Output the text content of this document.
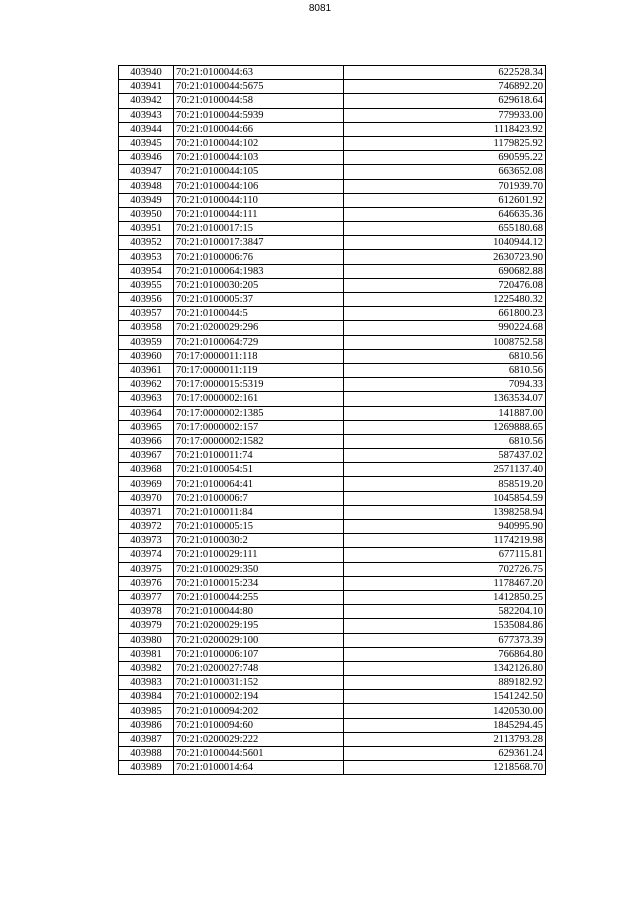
8081
403940	70:21:0100044:63	622528.34
403941	70:21:0100044:5675	746892.20
403942	70:21:0100044:58	629618.64
403943	70:21:0100044:5939	779933.00
403944	70:21:0100044:66	1118423.92
403945	70:21:0100044:102	1179825.92
403946	70:21:0100044:103	690595.22
403947	70:21:0100044:105	663652.08
403948	70:21:0100044:106	701939.70
403949	70:21:0100044:110	612601.92
403950	70:21:0100044:111	646635.36
403951	70:21:0100017:15	655180.68
403952	70:21:0100017:3847	1040944.12
403953	70:21:0100006:76	2630723.90
403954	70:21:0100064:1983	690682.88
403955	70:21:0100030:205	720476.08
403956	70:21:0100005:37	1225480.32
403957	70:21:0100044:5	661800.23
403958	70:21:0200029:296	990224.68
403959	70:21:0100064:729	1008752.58
403960	70:17:0000011:118	6810.56
403961	70:17:0000011:119	6810.56
403962	70:17:0000015:5319	7094.33
403963	70:17:0000002:161	1363534.07
403964	70:17:0000002:1385	141887.00
403965	70:17:0000002:157	1269888.65
403966	70:17:0000002:1582	6810.56
403967	70:21:0100011:74	587437.02
403968	70:21:0100054:51	2571137.40
403969	70:21:0100064:41	858519.20
403970	70:21:0100006:7	1045854.59
403971	70:21:0100011:84	1398258.94
403972	70:21:0100005:15	940995.90
403973	70:21:0100030:2	1174219.98
403974	70:21:0100029:111	677115.81
403975	70:21:0100029:350	702726.75
403976	70:21:0100015:234	1178467.20
403977	70:21:0100044:255	1412850.25
403978	70:21:0100044:80	582204.10
403979	70:21:0200029:195	1535084.86
403980	70:21:0200029:100	677373.39
403981	70:21:0100006:107	766864.80
403982	70:21:0200027:748	1342126.80
403983	70:21:0100031:152	889182.92
403984	70:21:0100002:194	1541242.50
403985	70:21:0100094:202	1420530.00
403986	70:21:0100094:60	1845294.45
403987	70:21:0200029:222	2113793.28
403988	70:21:0100044:5601	629361.24
403989	70:21:0100014:64	1218568.70
